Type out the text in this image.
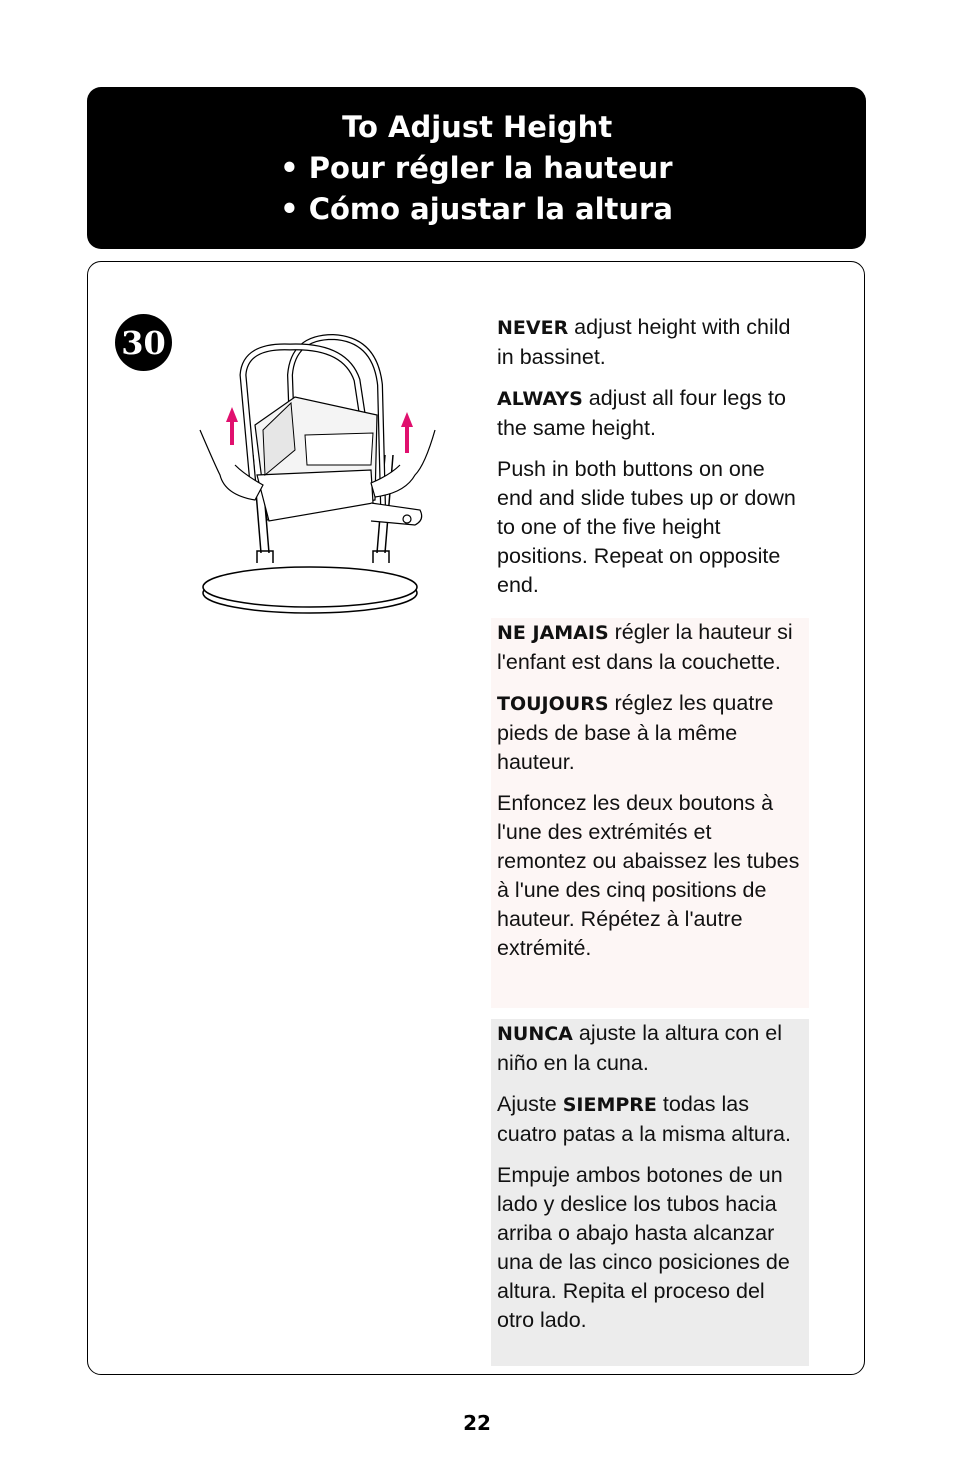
To Adjust Height
• Pour régler la hauteur
• Cómo ajustar la altura
30	NEVER adjust height with child in bassinet.

ALWAYS adjust all four legs to the same height.

Push in both buttons on one end and slide tubes up or down to one of the five height positions. Repeat on opposite end.

NE JAMAIS régler la hauteur si l'enfant est dans la couchette.

TOUJOURS réglez les quatre pieds de base à la même hauteur.

Enfoncez les deux boutons à l'une des extrémités et remontez ou abaissez les tubes à l'une des cinq positions de hauteur. Répétez à l'autre extrémité.

NUNCA ajuste la altura con el niño en la cuna.

Ajuste SIEMPRE todas las cuatro patas a la misma altura.

Empuje ambos botones de un lado y deslice los tubos hacia arriba o abajo hasta alcanzar una de las cinco posiciones de altura. Repita el proceso del otro lado.

22
